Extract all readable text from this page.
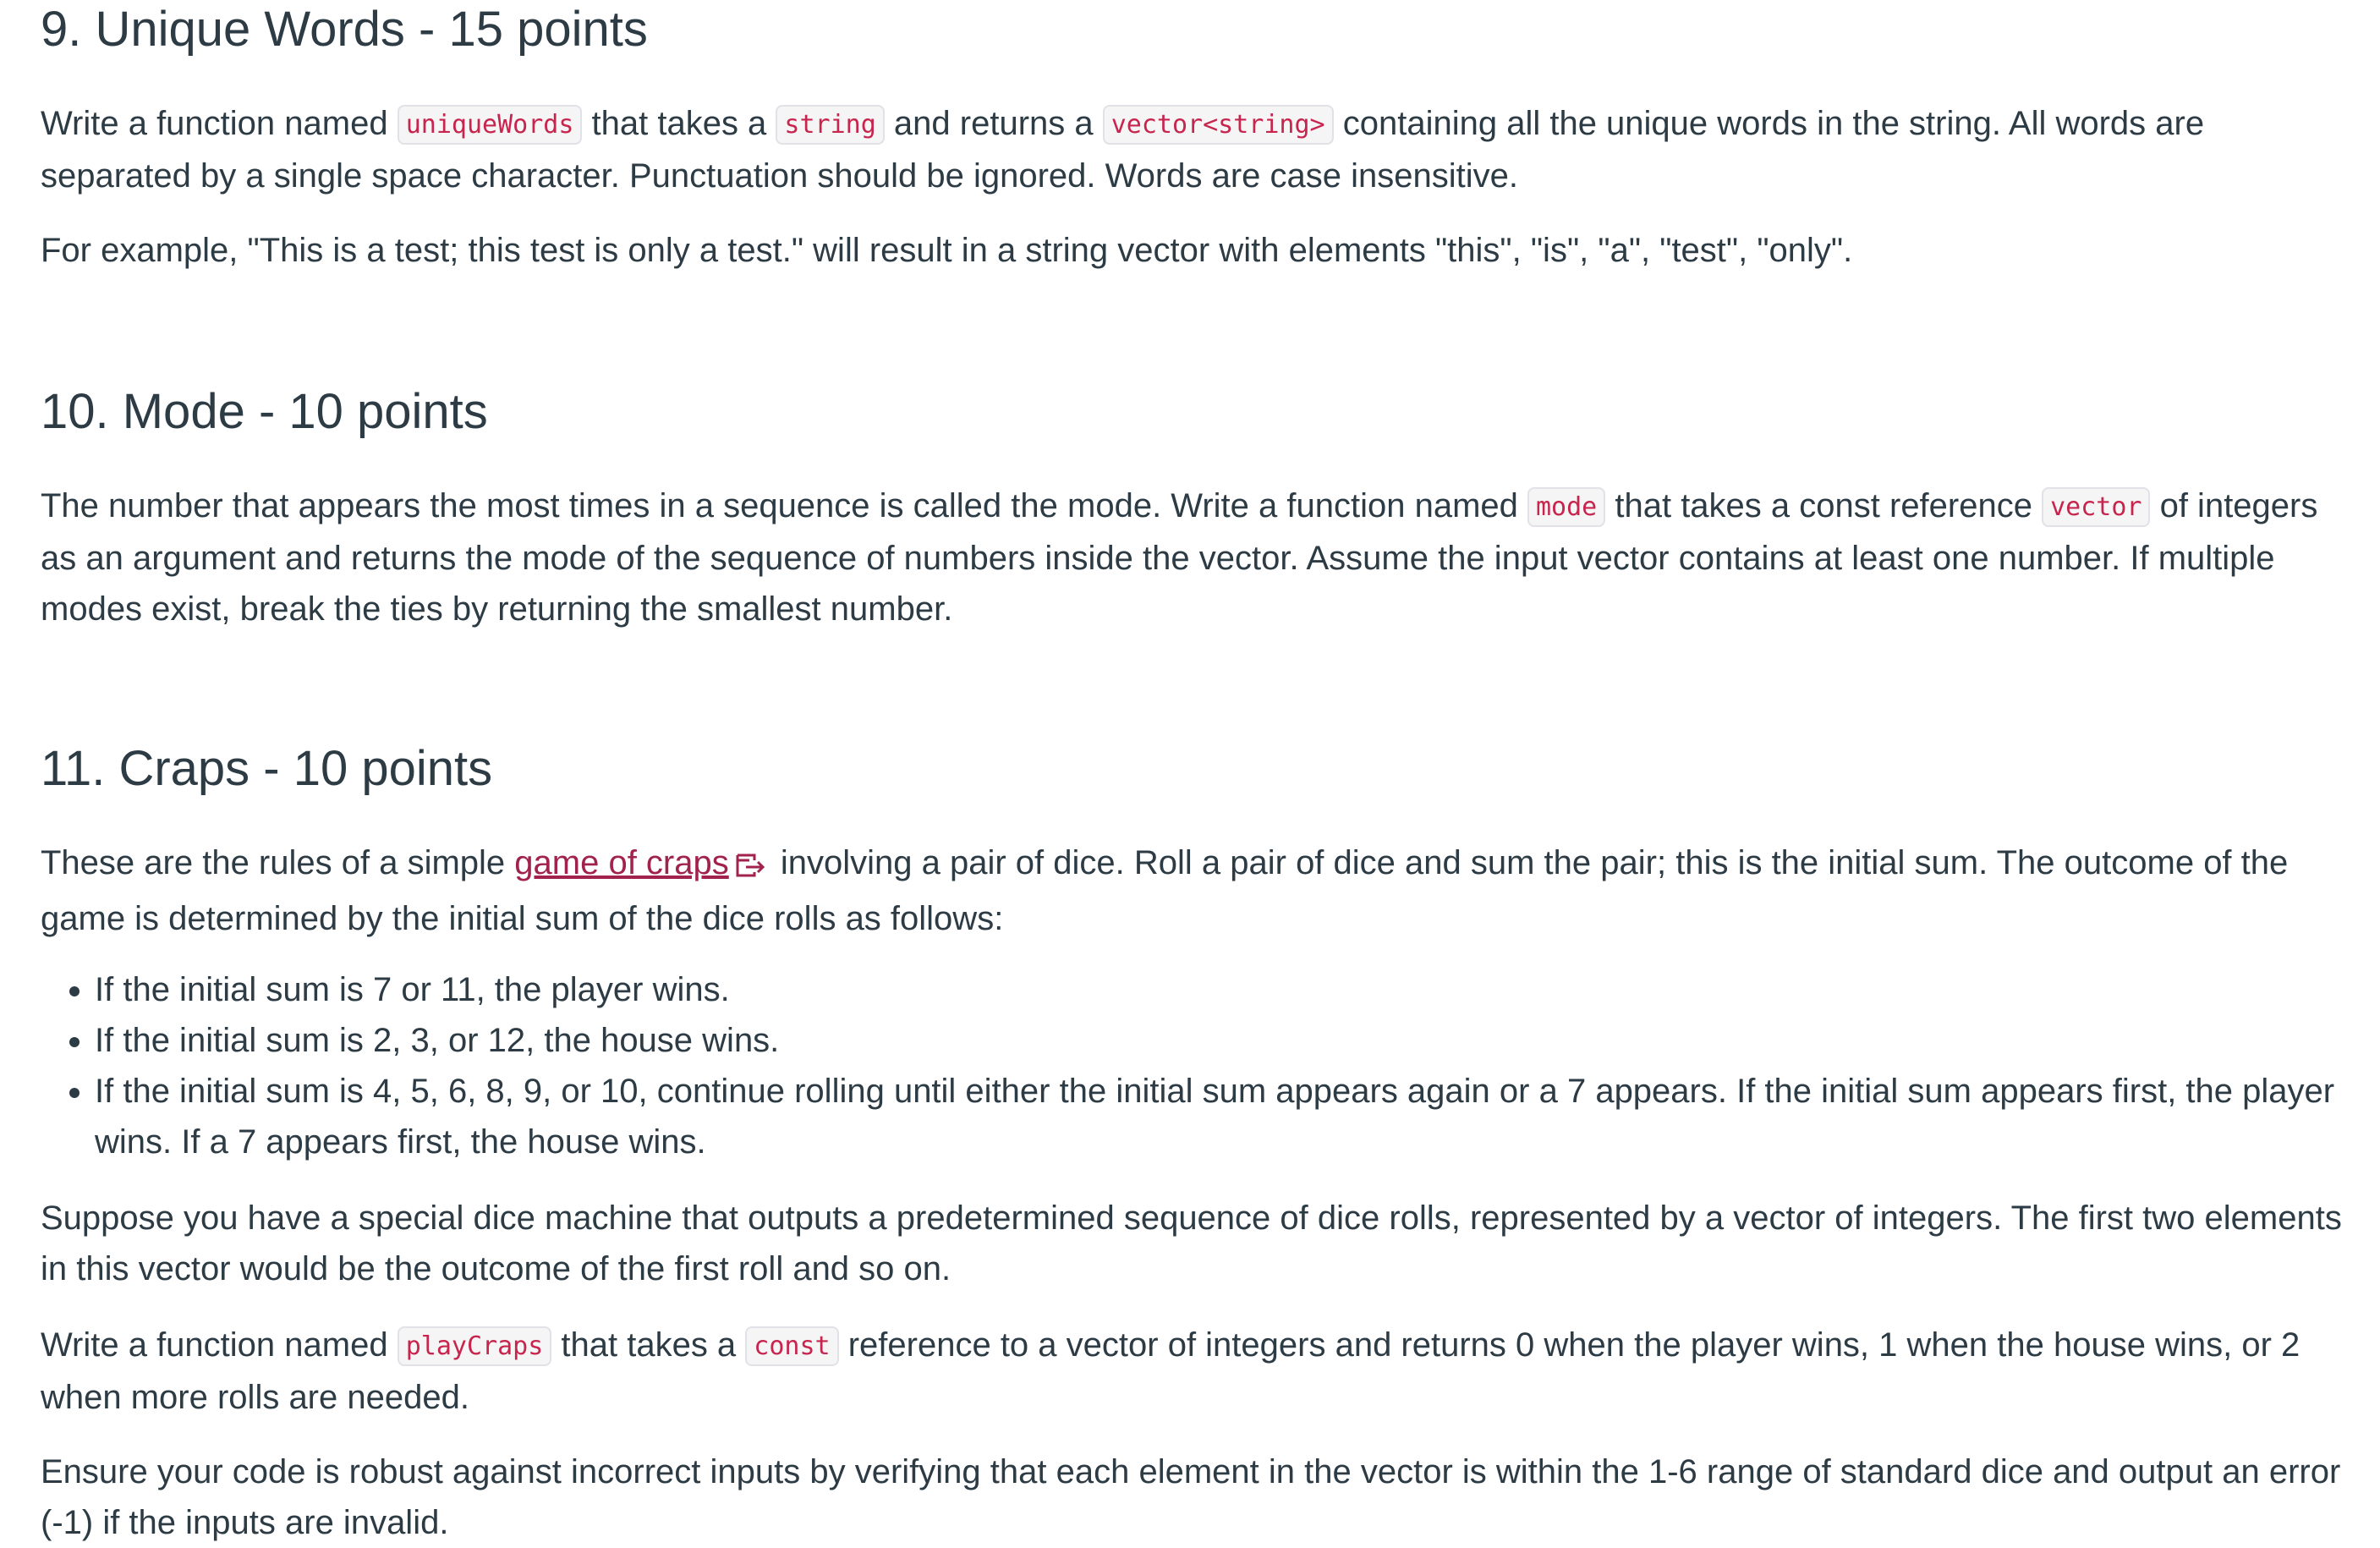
9. Unique Words - 15 points

Write a function named uniqueWords that takes a string and returns a vector<string> containing all the unique words in the string. All words are separated by a single space character. Punctuation should be ignored. Words are case insensitive.

For example, "This is a test; this test is only a test." will result in a string vector with elements "this", "is", "a", "test", "only".

10. Mode - 10 points

The number that appears the most times in a sequence is called the mode. Write a function named mode that takes a const reference vector of integers as an argument and returns the mode of the sequence of numbers inside the vector. Assume the input vector contains at least one number. If multiple modes exist, break the ties by returning the smallest number.

11. Craps - 10 points

These are the rules of a simple game of craps involving a pair of dice. Roll a pair of dice and sum the pair; this is the initial sum. The outcome of the game is determined by the initial sum of the dice rolls as follows:

• If the initial sum is 7 or 11, the player wins.
• If the initial sum is 2, 3, or 12, the house wins.
• If the initial sum is 4, 5, 6, 8, 9, or 10, continue rolling until either the initial sum appears again or a 7 appears. If the initial sum appears first, the player wins. If a 7 appears first, the house wins.

Suppose you have a special dice machine that outputs a predetermined sequence of dice rolls, represented by a vector of integers. The first two elements in this vector would be the outcome of the first roll and so on.

Write a function named playCraps that takes a const reference to a vector of integers and returns 0 when the player wins, 1 when the house wins, or 2 when more rolls are needed.

Ensure your code is robust against incorrect inputs by verifying that each element in the vector is within the 1-6 range of standard dice and output an error (-1) if the inputs are invalid.
